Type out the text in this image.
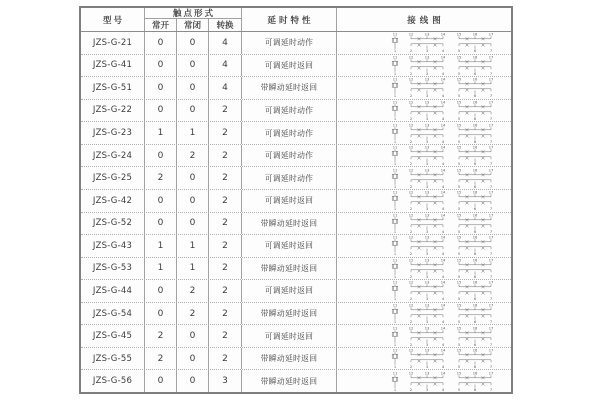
型号
触点形式
常开	常闭	转换
延时特性	接线图
JZS-G-21	0	0	4	可调延时动作
11
1
12	13	14
2	3	4
15	16	17
5	6	7
JZS-G-41	0	0	4	可调延时返回
11
1
12	13	14
2	3	4
15	16	17
5	6	7
JZS-G-51	0	0	4	带瞬动延时返回
11
1
12	13	14
2	3	4
15	16	17
5	6	7
JZS-G-22	0	0	2	可调延时动作
11
1
12	13	14
2	3	4
15	16	17
5	6	7
JZS-G-23	1	1	2	可调延时动作
11
1
12	13	14
2	3	4
15	16	17
5	6	7
JZS-G-24	0	2	2	可调延时动作
11
1
12	13	14
2	3	4
15	16	17
5	6	7
JZS-G-25	2	0	2	可调延时动作
11
1
12	13	14
2	3	4
15	16	17
5	6	7
JZS-G-42	0	0	2	可调延时返回
11
1
12	13	14
2	3	4
15	16	17
5	6	7
JZS-G-52	0	0	2	带瞬动延时返回
11
1
12	13	14
2	3	4
15	16	17
5	6	7
JZS-G-43	1	1	2	可调延时返回
11
1
12	13	14
2	3	4
15	16	17
5	6	7
JZS-G-53	1	1	2	带瞬动延时返回
11
1
12	13	14
2	3	4
15	16	17
5	6	7
JZS-G-44	0	2	2	可调延时返回
11
1
12	13	14
2	3	4
15	16	17
5	6	7
JZS-G-54	0	2	2	带瞬动延时返回
11
1
12	13	14
2	3	4
15	16	17
5	6	7
JZS-G-45	2	0	2	可调延时返回
11
1
12	13	14
2	3	4
15	16	17
5	6	7
JZS-G-55	2	0	2	带瞬动延时返回
11
1
12	13	14
2	3	4
15	16	17
5	6	7
JZS-G-56	0	0	3	带瞬动延时返回
11
1
12	13	14
2	3	4
15	16	17
5	6	7
